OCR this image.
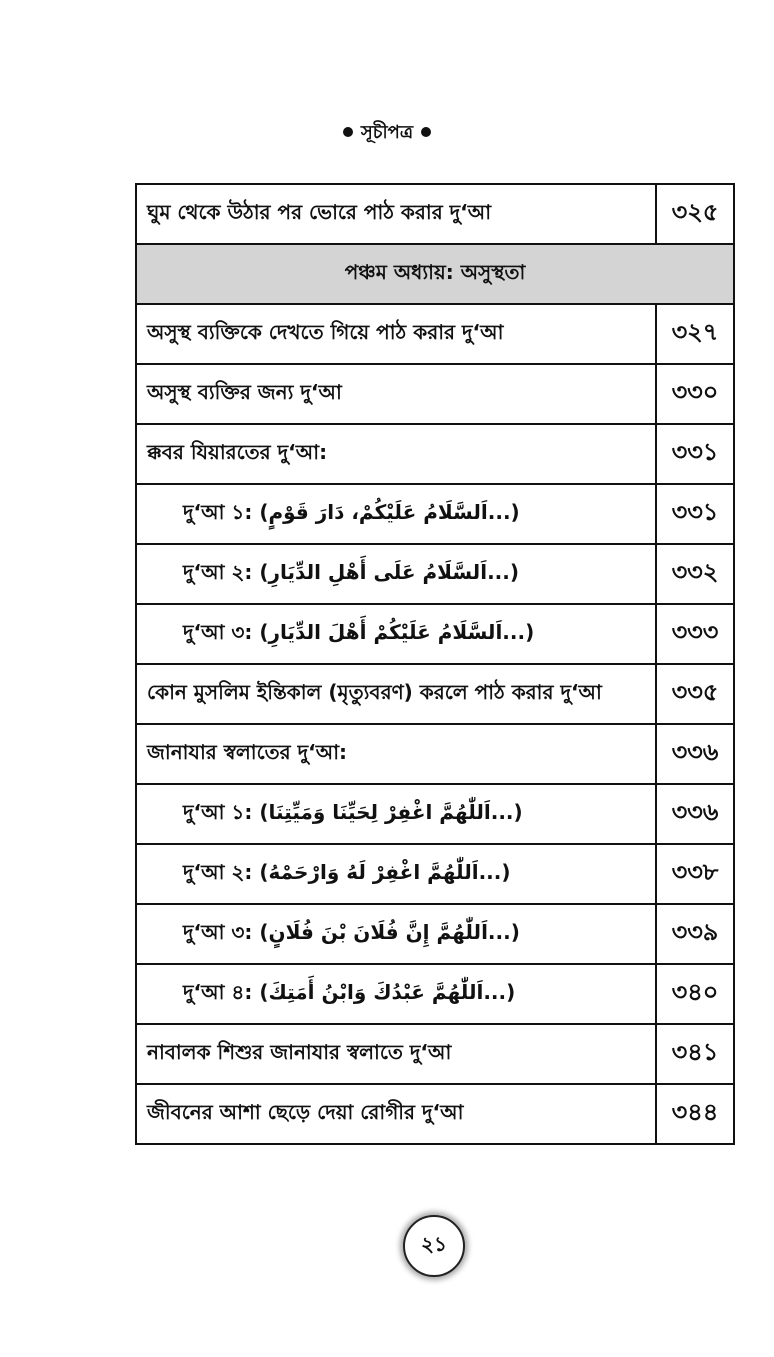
সূচীপত্র
ঘুম থেকে উঠার পর ভোরে পাঠ করার দু‘আ	৩২৫
পঞ্চম অধ্যায়: অসুস্থতা
অসুস্থ ব্যক্তিকে দেখতে গিয়ে পাঠ করার দু‘আ	৩২৭
অসুস্থ ব্যক্তির জন্য দু‘আ	৩৩০
ক্কবর যিয়ারতের দু‘আ:	৩৩১
দু‘আ ১: (اَلسَّلَامُ عَلَيْكُمْ، دَارَ قَوْمٍ...)	৩৩১
দু‘আ ২: (اَلسَّلَامُ عَلَى أَهْلِ الدِّيَارِ...)	৩৩২
দু‘আ ৩: (اَلسَّلَامُ عَلَيْكُمْ أَهْلَ الدِّيَارِ...)	৩৩৩
কোন মুসলিম ইন্তিকাল (মৃত্যুবরণ) করলে পাঠ করার দু‘আ	৩৩৫
জানাযার স্বলাতের দু‘আ:	৩৩৬
দু‘আ ১: (اَللّٰهُمَّ اغْفِرْ لِحَيِّنَا وَمَيِّتِنَا...)	৩৩৬
দু‘আ ২: (اَللّٰهُمَّ اغْفِرْ لَهُ وَارْحَمْهُ...)	৩৩৮
দু‘আ ৩: (اَللّٰهُمَّ إِنَّ فُلَانَ بْنَ فُلَانٍ...)	৩৩৯
দু‘আ ৪: (اَللّٰهُمَّ عَبْدُكَ وَابْنُ أَمَتِكَ...)	৩৪০
নাবালক শিশুর জানাযার স্বলাতে দু‘আ	৩৪১
জীবনের আশা ছেড়ে দেয়া রোগীর দু‘আ	৩৪৪
২১
